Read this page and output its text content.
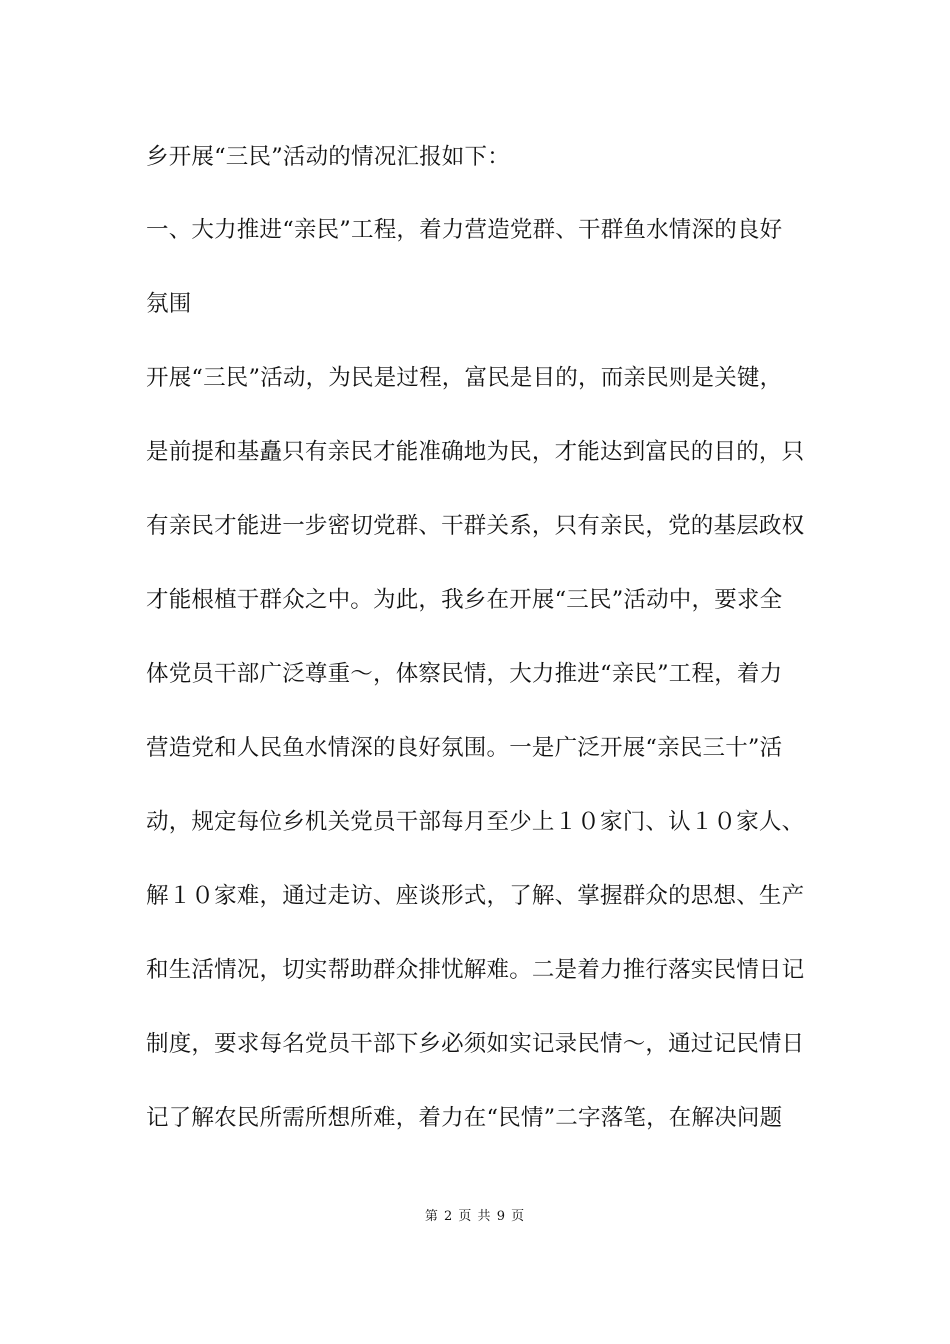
乡开展“三民”活动的情况汇报如下：
一、大力推进“亲民”工程，着力营造党群、干群鱼水情深的良好
氛围
开展“三民”活动，为民是过程，富民是目的，而亲民则是关键，
是前提和基矗只有亲民才能准确地为民，才能达到富民的目的，只
有亲民才能进一步密切党群、干群关系，只有亲民，党的基层政权
才能根植于群众之中。为此，我乡在开展“三民”活动中，要求全
体党员干部广泛尊重～，体察民情，大力推进“亲民”工程，着力
营造党和人民鱼水情深的良好氛围。一是广泛开展“亲民三十”活
动，规定每位乡机关党员干部每月至少上１０家门、认１０家人、
解１０家难，通过走访、座谈形式，了解、掌握群众的思想、生产
和生活情况，切实帮助群众排忧解难。二是着力推行落实民情日记
制度，要求每名党员干部下乡必须如实记录民情～，通过记民情日
记了解农民所需所想所难，着力在“民情”二字落笔，在解决问题
第 2 页 共 9 页
